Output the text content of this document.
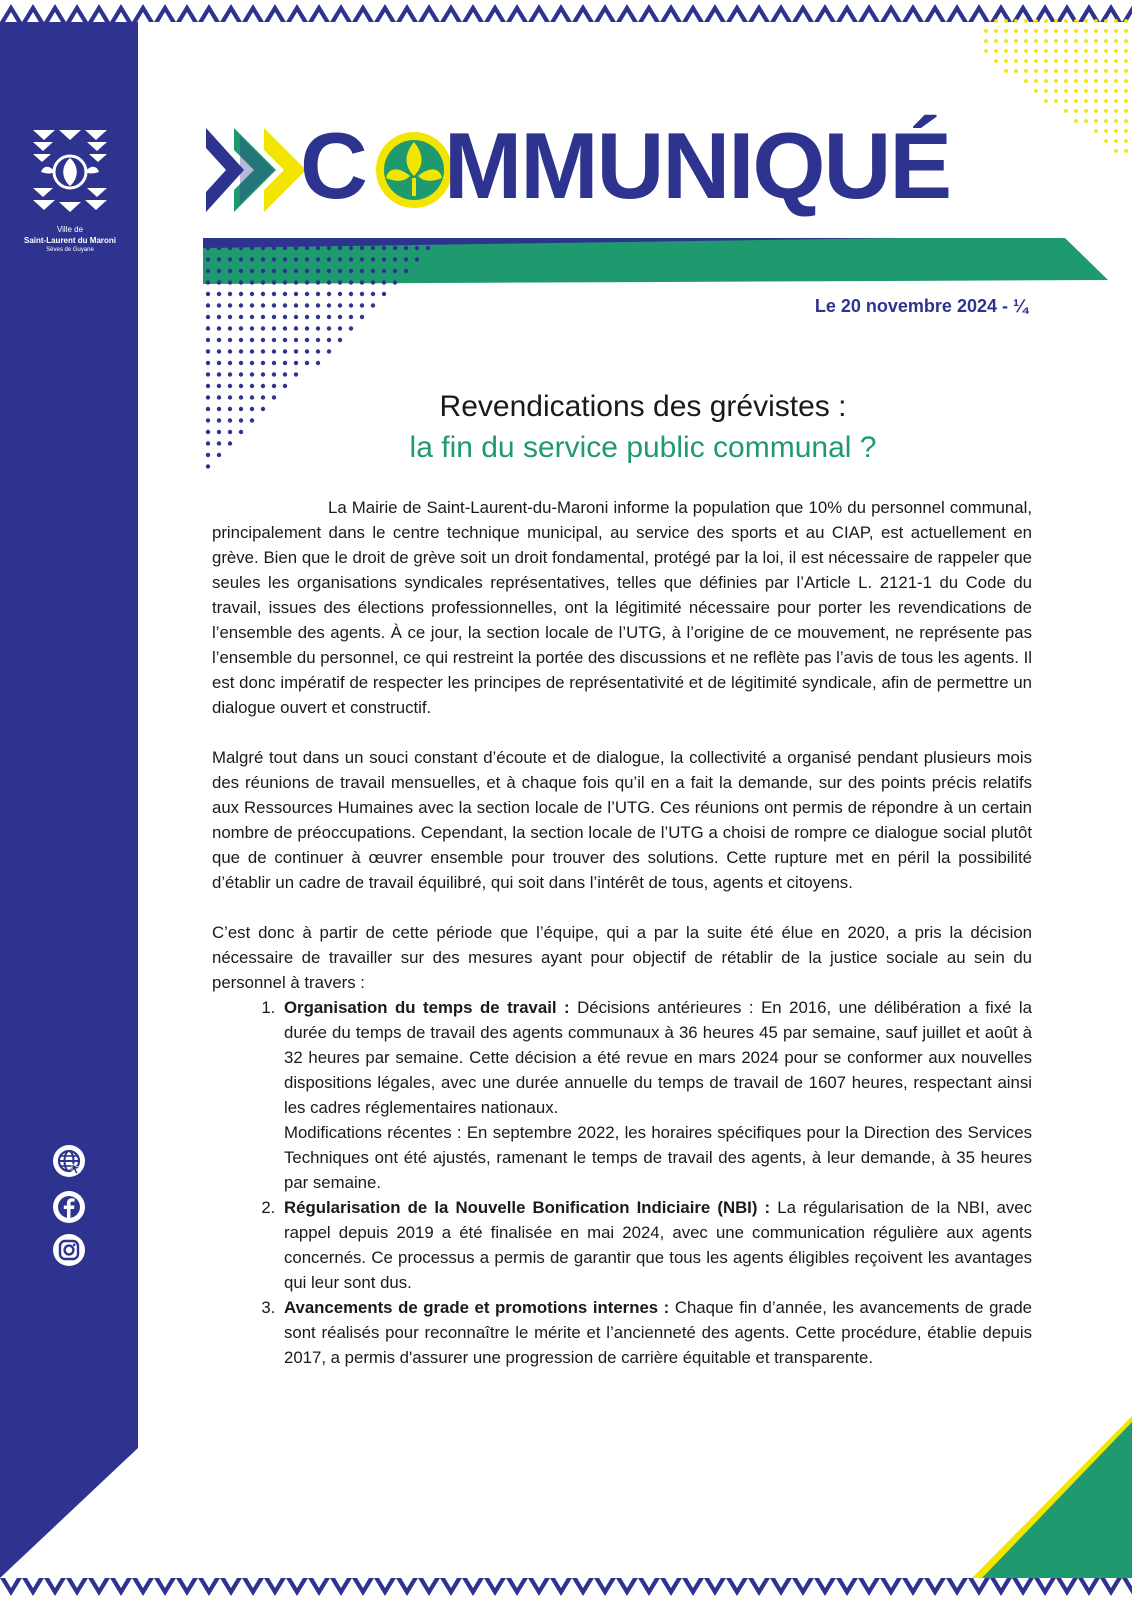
Ville de
Saint-Laurent du Maroni
Sèves de Guyane
C MMUNIQUÉ
Le 20 novembre 2024 - ¼
Revendications des grévistes :
la fin du service public communal ?

La Mairie de Saint-Laurent-du-Maroni informe la population que 10% du personnel communal, principalement dans le centre technique municipal, au service des sports et au CIAP, est actuellement en grève. Bien que le droit de grève soit un droit fondamental, protégé par la loi, il est nécessaire de rappeler que seules les organisations syndicales représentatives, telles que définies par l’Article L. 2121-1 du Code du travail, issues des élections professionnelles, ont la légitimité nécessaire pour porter les revendications de l’ensemble des agents. À ce jour, la section locale de l’UTG, à l’origine de ce mouvement, ne représente pas l’ensemble du personnel, ce qui restreint la portée des discussions et ne reflète pas l’avis de tous les agents. Il est donc impératif de respecter les principes de représentativité et de légitimité syndicale, afin de permettre un dialogue ouvert et constructif.

Malgré tout dans un souci constant d’écoute et de dialogue, la collectivité a organisé pendant plusieurs mois des réunions de travail mensuelles, et à chaque fois qu’il en a fait la demande, sur des points précis relatifs aux Ressources Humaines avec la section locale de l’UTG. Ces réunions ont permis de répondre à un certain nombre de préoccupations. Cependant, la section locale de l’UTG a choisi de rompre ce dialogue social plutôt que de continuer à œuvrer ensemble pour trouver des solutions. Cette rupture met en péril la possibilité d’établir un cadre de travail équilibré, qui soit dans l’intérêt de tous, agents et citoyens.

C’est donc à partir de cette période que l’équipe, qui a par la suite été élue en 2020, a pris la décision nécessaire de travailler sur des mesures ayant pour objectif de rétablir de la justice sociale au sein du personnel à travers :

1. Organisation du temps de travail : Décisions antérieures : En 2016, une délibération a fixé la durée du temps de travail des agents communaux à 36 heures 45 par semaine, sauf juillet et août à 32 heures par semaine. Cette décision a été revue en mars 2024 pour se conformer aux nouvelles dispositions légales, avec une durée annuelle du temps de travail de 1607 heures, respectant ainsi les cadres réglementaires nationaux.
Modifications récentes : En septembre 2022, les horaires spécifiques pour la Direction des Services Techniques ont été ajustés, ramenant le temps de travail des agents, à leur demande, à 35 heures par semaine.
2. Régularisation de la Nouvelle Bonification Indiciaire (NBI) : La régularisation de la NBI, avec rappel depuis 2019 a été finalisée en mai 2024, avec une communication régulière aux agents concernés. Ce processus a permis de garantir que tous les agents éligibles reçoivent les avantages qui leur sont dus.
3. Avancements de grade et promotions internes : Chaque fin d’année, les avancements de grade sont réalisés pour reconnaître le mérite et l’ancienneté des agents. Cette procédure, établie depuis 2017, a permis d'assurer une progression de carrière équitable et transparente.
